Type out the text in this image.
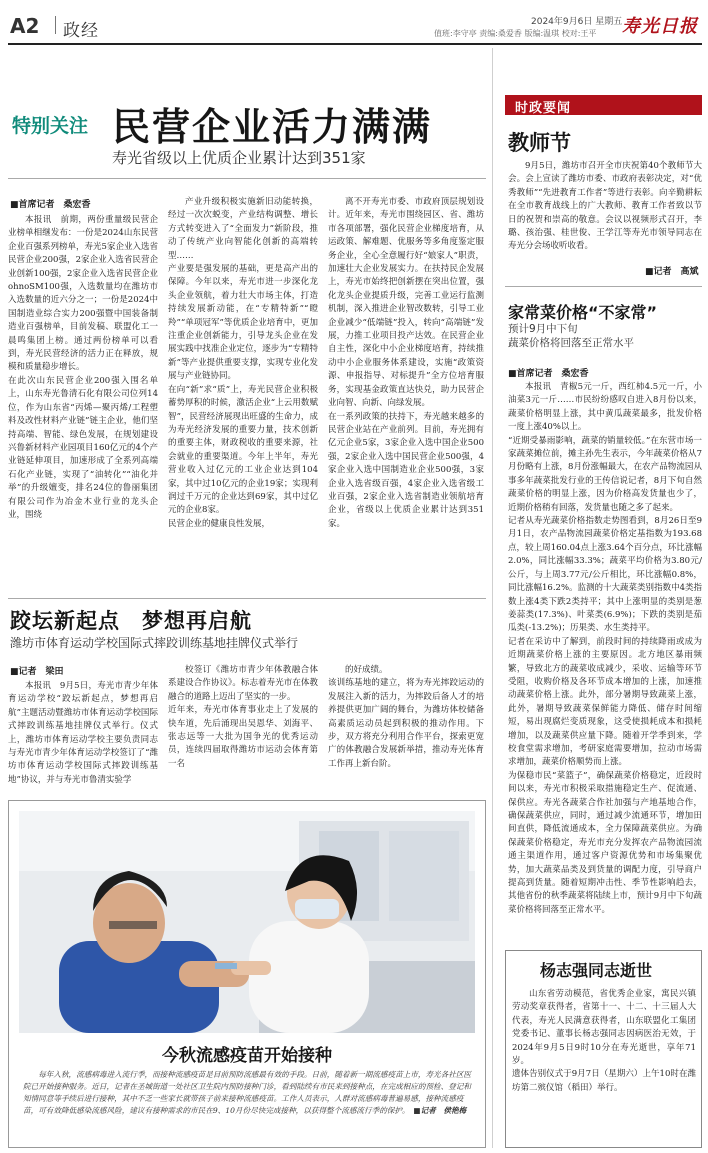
A2 政经	2024年9月6日 星期五
值班:李守亭 责编:桑爱香 版编:温琪 校对:王平 寿光日报
特别关注 民营企业活力满满
寿光省级以上优质企业累计达到351家
■首席记者　桑宏香
本报讯　前期，两份重量级民营企业榜单相继发布：一份是2024山东民营企业百强系列榜单，寿光5家企业入选省民营企业200强，2家企业入选省民营企业创新100强，2家企业入选省民营企业ohnoSM100强，入选数量均在潍坊市入选数量的近六分之一；一份是2024中国制造业综合实力200强暨中国装备制造业百强榜单，目前发稿、联盟化工一晨鸣集团上榜。通过两份榜单可以看到，寿光民营经济的活力正在释放，规模和质量稳步增长。
在此次山东民营企业200强入围名单上，山东寿光鲁清石化有限公司位列14位，作为山东省“丙烯—聚丙烯/工程塑料及改性材料产业链”链主企业，他们坚持高端、智能、绿色发展，在规划建设兴鲁新材料产业园项目160亿元的4个产业链延伸项目，加速形成了全系列高端石化产业链，实现了“油转化”“油化并举”的升级嬗变，排名24位的鲁丽集团有限公司作为冶金木业行业的龙头企业，围绕
产业升级积极实施新旧动能转换，经过一次次蜕变，产业结构调整、增长方式转变进入了“全面发力”新阶段，推动了传统产业向智能化创新的高端转型……
产业要是强发展的基础，更是高产出的保障。今年以来，寿光市进一步深化龙头企业领航，着力壮大市场主体，打造持续发展新动能，在“专精特新”“瞪羚”“单项冠军”等优质企业培育中，更加注重企业创新能力，引导龙头企业在发展实践中找准企业定位，逐步为“专精特新”等产业提供重要支撑，实现专业化发展与产业链协同。
在向“新”求“质”上，寿光民营企业积极蓄势厚积的时候，激活企业“上云用数赋智”，民营经济展现出旺盛的生命力，成为寿光经济发展的重要力量，技术创新的重要主体，财政税收的重要来源，社会就业的重要渠道。今年上半年，寿光营业收入过亿元的工业企业达到104家，其中过10亿元的企业19家；实现利润过千万元的企业达到69家，其中过亿元的企业8家。
民营企业的健康良性发展，
离不开寿光市委、市政府顶层规划设计。近年来，寿光市围绕园区、省、潍坊市各项部署，强化民营企业梯度培育，从运政策、解难题、优服务等多角度鉴定服务企业，全心全意履行好“娘家人”职责，加速壮大企业发展实力。在扶持民企发展上，寿光市始终把创新摆在突出位置，强化龙头企业提质升级，完善工业运行监测机制，深入推进企业智改数转，引导工业企业减少“低端链”投入，转向“高端链”发展，力推工业项目投产达效。在民营企业自主性，深化中小企业梯度培育，持续推动中小企业服务体系建设，实施“政策资源、申报指导、对标提升”全方位培育服务，实现基金政策直达快兑，助力民营企业向智、向新、向绿发展。
在一系列政策的扶持下，寿光越来越多的民营企业站在产业前列。目前，寿光拥有亿元企业5家，3家企业入选中国企业500强，2家企业入选中国民营企业500强，4家企业入选中国制造业企业500强，3家企业入选省级百强，4家企业入选省级工业百强，2家企业入选省制造业领航培育企业，省级以上优质企业累计达到351家。
跤坛新起点　梦想再启航
潍坊市体育运动学校国际式摔跤训练基地挂牌仪式举行
■记者　梁田
本报讯　9月5日，寿光市青少年体育运动学校“跤坛新起点，梦想再启航”主题活动暨潍坊市体育运动学校国际式摔跤训练基地挂牌仪式举行。仪式上，潍坊市体育运动学校主要负责同志与寿光市青少年体育运动学校签订了“潍坊市体育运动学校国际式摔跤训练基地”协议，并与寿光市鲁清实验学
校签订《潍坊市青少年体教融合体系建设合作协议》。标志着寿光市在体教融合的道路上迈出了坚实的一步。
近年来，寿光市体育事业走上了发展的快车道，先后涌现出吴恩华、刘海平、张志远等一大批为国争光的优秀运动员，连续四届取得潍坊市运动会体育第一名
的好成绩。
该训练基地的建立，将为寿光摔跤运动的发展注入新的活力，为摔跤后备人才的培养提供更加广阔的舞台，为潍坊体校储备高素质运动员起到积极的推动作用。下步，双方将充分利用合作平台，探索更宽广的体教融合发展新举措，推动寿光体育工作再上新台阶。
今秋流感疫苗开始接种
每年入秋，流感病毒进入流行季，而接种流感疫苗是目前预防流感最有效的手段。日前，随着新一期流感疫苗上市，寿光各社区医院已开始接种服务。近日，记者在圣城街道一处社区卫生院内预防接种门诊，看到陆续有市民来到接种点，在完成相应的预检、登记和知情同意等手续后进行接种，其中不乏一些家长就带孩子前来接种流感疫苗。工作人员表示，人群对流感病毒普遍易感，接种流感疫苗，可有效降低感染流感风险，建议有接种需求的市民在9、10月份尽快完成接种，以获得整个流感流行季的保护。　 ■记者　侯艳梅
时政要闻
教师节
9月5日，潍坊市召开全市庆祝第40个教师节大会。会上宣读了潍坊市委、市政府表彰决定，对“优秀教师”“先进教育工作者”等进行表彰。向辛勤耕耘在全市教育战线上的广大教师、教育工作者致以节日的祝贺和崇高的敬意。会议以视频形式召开，李璐、孩治强、桂世俊、王学江等寿光市领导同志在寿光分会场收听收看。
■记者　高斌
家常菜价格“不家常”
预计9月中下旬
蔬菜价格将回落至正常水平
■首席记者　桑宏香
本报讯　青椒5元一斤，西红柿4.5元一斤，小油菜3元一斤……市民纷纷感叹自进入8月份以来，蔬菜价格明显上涨，其中黄瓜蔬菜最多，批发价格一度上涨40%以上。
“近期受暴雨影响，蔬菜的销量较低。”在东营市场一家蔬菜摊位前，摊主孙先生表示，今年蔬菜价格从7月份略有上涨，8月份涨幅最大，在农产品物流园从事多年蔬菜批发行业的王传信说记者，8月下旬自然蔬菜价格的明显上涨，因为价格高发货量也少了，近期价格稍有回落，发货量也随之多了起来。
记者从寿光蔬菜价格指数走势图看到，8月26日至9月1日，农产品物流园蔬菜价格定基指数为193.68点，较上周160.04点上涨3.64个百分点，环比涨幅2.0%，同比涨幅33.3%；蔬菜平均价格为3.80元/公斤，与上周3.77元/公斤相比，环比涨幅0.8%，同比涨幅16.2%。监测的十大蔬菜类别指数中4类指数上涨4类下跌2类持平；其中上涨明显的类别是葱姜蒜类(17.3%)、叶菜类(6.9%)；下跌的类别是茄瓜类(-13.2%)；历果类、水生类持平。
记者在采访中了解到，前段时间的持续降雨或成为近期蔬菜价格上涨的主要原因。北方地区暴雨频繁，导致北方的蔬菜收成减少，采收、运输等环节受阻，收购价格及各环节成本增加的上涨，加速推动蔬菜价格上涨。此外，部分暑期导致蔬菜上涨，此外，暑期导致蔬菜保鲜能力降低、储存时间缩短，易出现腐烂变质现象，这受使损耗成本和损耗增加，以及蔬菜供应量下降。随着开学季到来，学校食堂需求增加，考研家庭需要增加，拉动市场需求增加，蔬菜价格顺势而上涨。
为保稳市民“菜篮子”，确保蔬菜价格稳定，近段时间以来，寿光市积极采取措施稳定生产、促流通、保供应。寿光各蔬菜合作社加强与产地基地合作，确保蔬菜供应，同时，通过减少流通环节，增加田间直供，降低流通成本，全力保障蔬菜供应。为确保蔬菜价格稳定，寿光市充分发挥农产品物流园流通主渠道作用，通过客户资源优势和市场集聚优势，加大蔬菜品类及到货量的调配力度，引导商户提高到货量。随着短期冲击性、季节性影响趋去，其他省份的秋季蔬菜将陆续上市，预计9月中下旬蔬菜价格将回落至正常水平。
杨志强同志逝世
山东省劳动模范，省优秀企业家，寓民兴镇劳动奖章获得者，省第十一、十二、十三届人大代表，寿光人民满意获得者，山东联盟化工集团党委书记、董事长杨志强同志因病医治无效，于2024年9月5日9时10分在寿光逝世，享年71岁。
遗体告别仪式于9月7日（星期六）上午10时在潍坊第二殡仪馆（稻田）举行。
